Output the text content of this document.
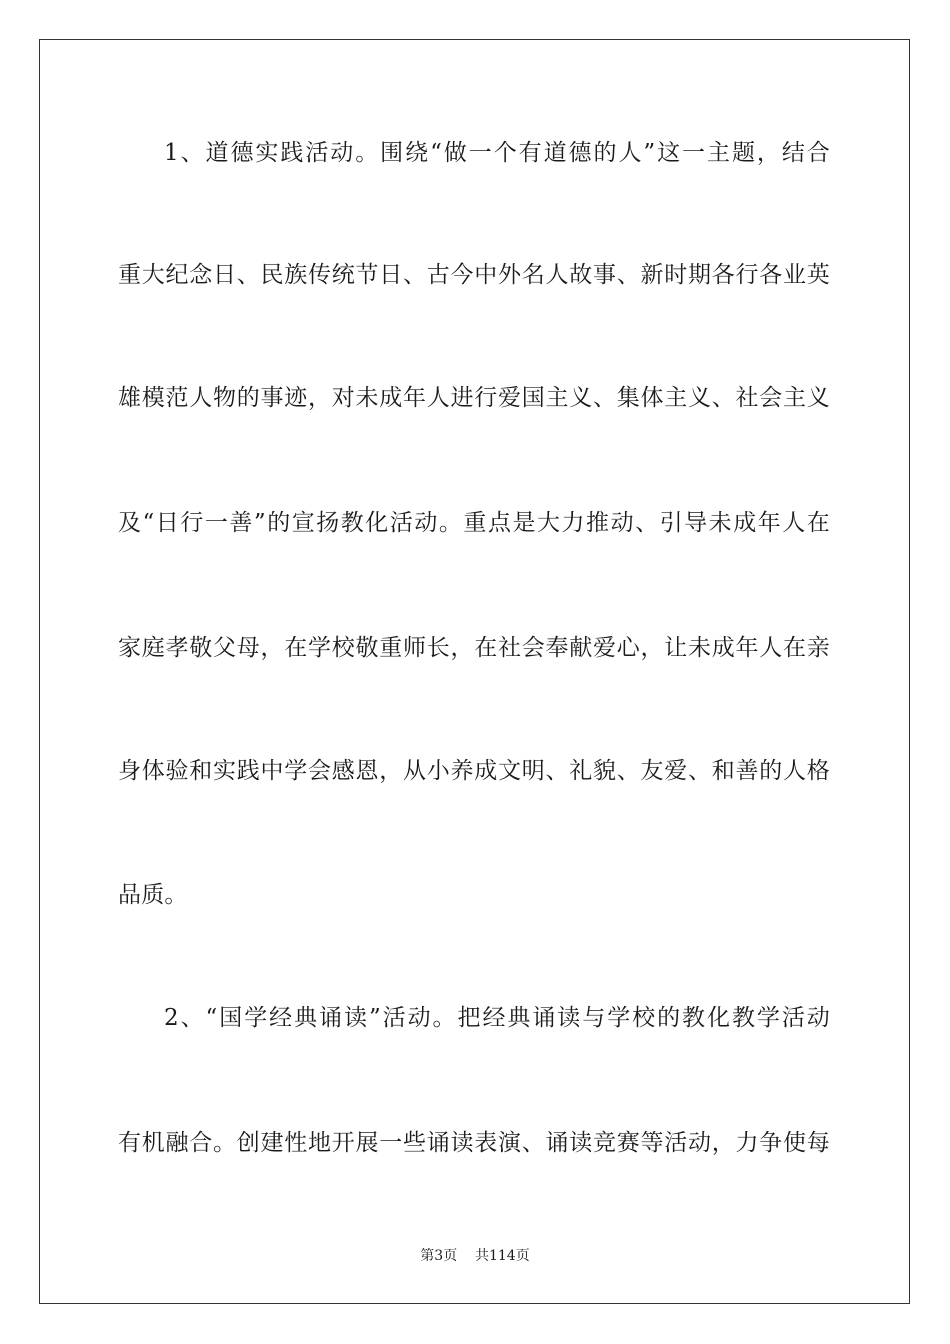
1、道德实践活动。围绕“做一个有道德的人”这一主题，结合
重大纪念日、民族传统节日、古今中外名人故事、新时期各行各业英
雄模范人物的事迹，对未成年人进行爱国主义、集体主义、社会主义
及“日行一善”的宣扬教化活动。重点是大力推动、引导未成年人在
家庭孝敬父母，在学校敬重师长，在社会奉献爱心，让未成年人在亲
身体验和实践中学会感恩，从小养成文明、礼貌、友爱、和善的人格
品质。
2、“国学经典诵读”活动。把经典诵读与学校的教化教学活动
有机融合。创建性地开展一些诵读表演、诵读竞赛等活动，力争使每
第3页    共114页
